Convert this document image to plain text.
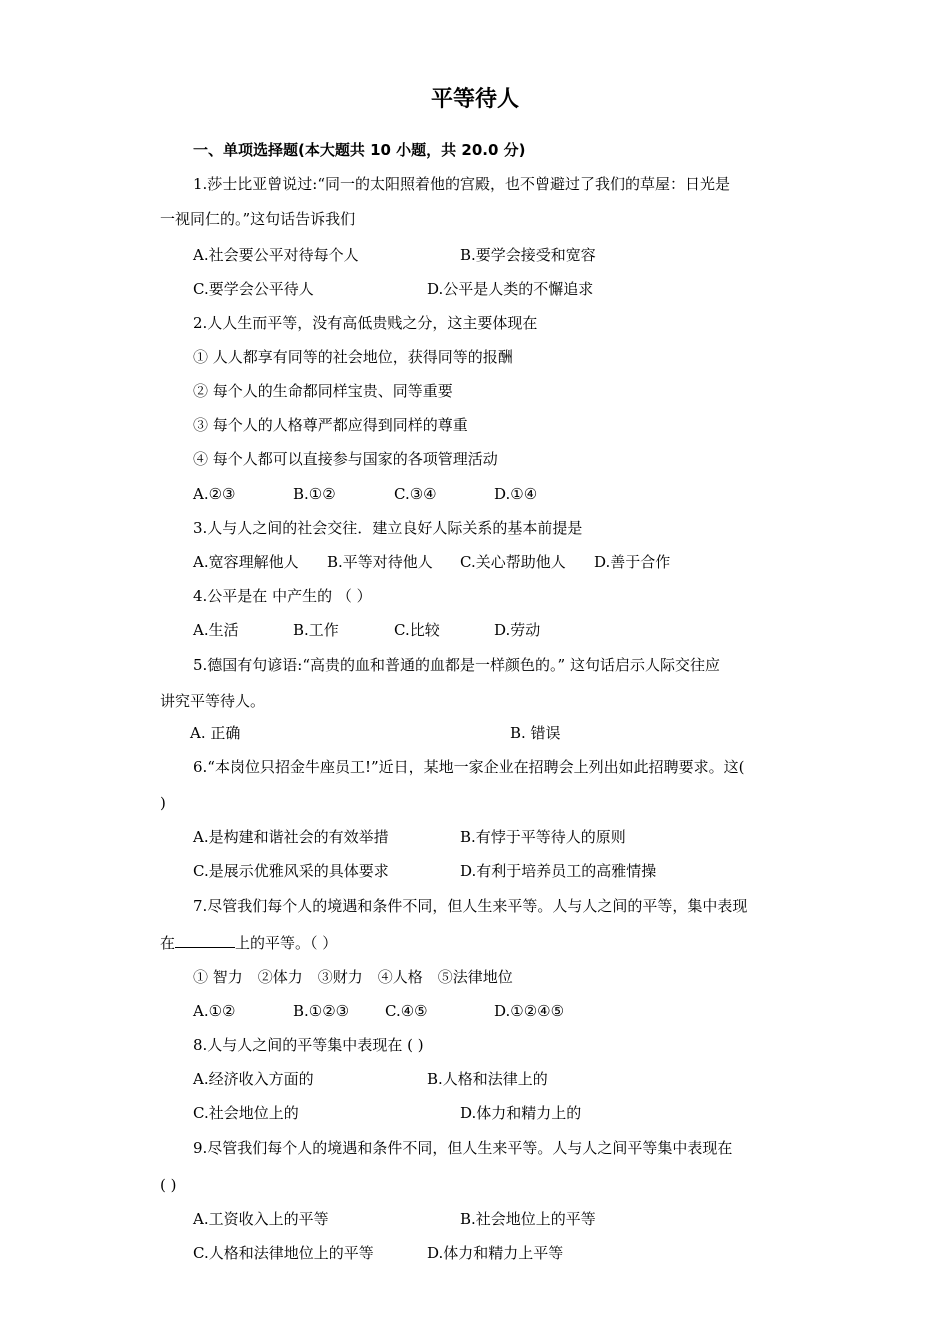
平等待人
一、单项选择题(本大题共 10 小题，共 20.0 分)
1.莎士比亚曾说过:“同一的太阳照着他的宫殿，也不曾避过了我们的草屋：日光是
一视同仁的。”这句话告诉我们
A.社会要公平对待每个人	B.要学会接受和宽容
C.要学会公平待人	D.公平是人类的不懈追求
2.人人生而平等，没有高低贵贱之分，这主要体现在
① 人人都享有同等的社会地位，获得同等的报酬
② 每个人的生命都同样宝贵、同等重要
③ 每个人的人格尊严都应得到同样的尊重
④ 每个人都可以直接参与国家的各项管理活动
A.②③	B.①②	C.③④	D.①④
3.人与人之间的社会交往．建立良好人际关系的基本前提是
A.宽容理解他人 B.平等对待他人 C.关心帮助他人 D.善于合作
4.公平是在 中产生的 （ ）
A.生活	B.工作	C.比较	D.劳动
5.德国有句谚语:“高贵的血和普通的血都是一样颜色的。” 这句话启示人际交往应
讲究平等待人。
A. 正确	B. 错误
6.“本岗位只招金牛座员工!”近日，某地一家企业在招聘会上列出如此招聘要求。这(
)
A.是构建和谐社会的有效举措	B.有悖于平等待人的原则
C.是展示优雅风采的具体要求	D.有利于培养员工的高雅情操
7.尽管我们每个人的境遇和条件不同，但人生来平等。人与人之间的平等，集中表现
在	上的平等。（ ）
① 智力　②体力　③财力　④人格　⑤法律地位
A.①②	B.①②③ C.④⑤	D.①②④⑤
8.人与人之间的平等集中表现在 ( )
A.经济收入方面的	B.人格和法律上的
C.社会地位上的	D.体力和精力上的
9.尽管我们每个人的境遇和条件不同，但人生来平等。人与人之间平等集中表现在
( )
A.工资收入上的平等	B.社会地位上的平等
C.人格和法律地位上的平等	D.体力和精力上平等
